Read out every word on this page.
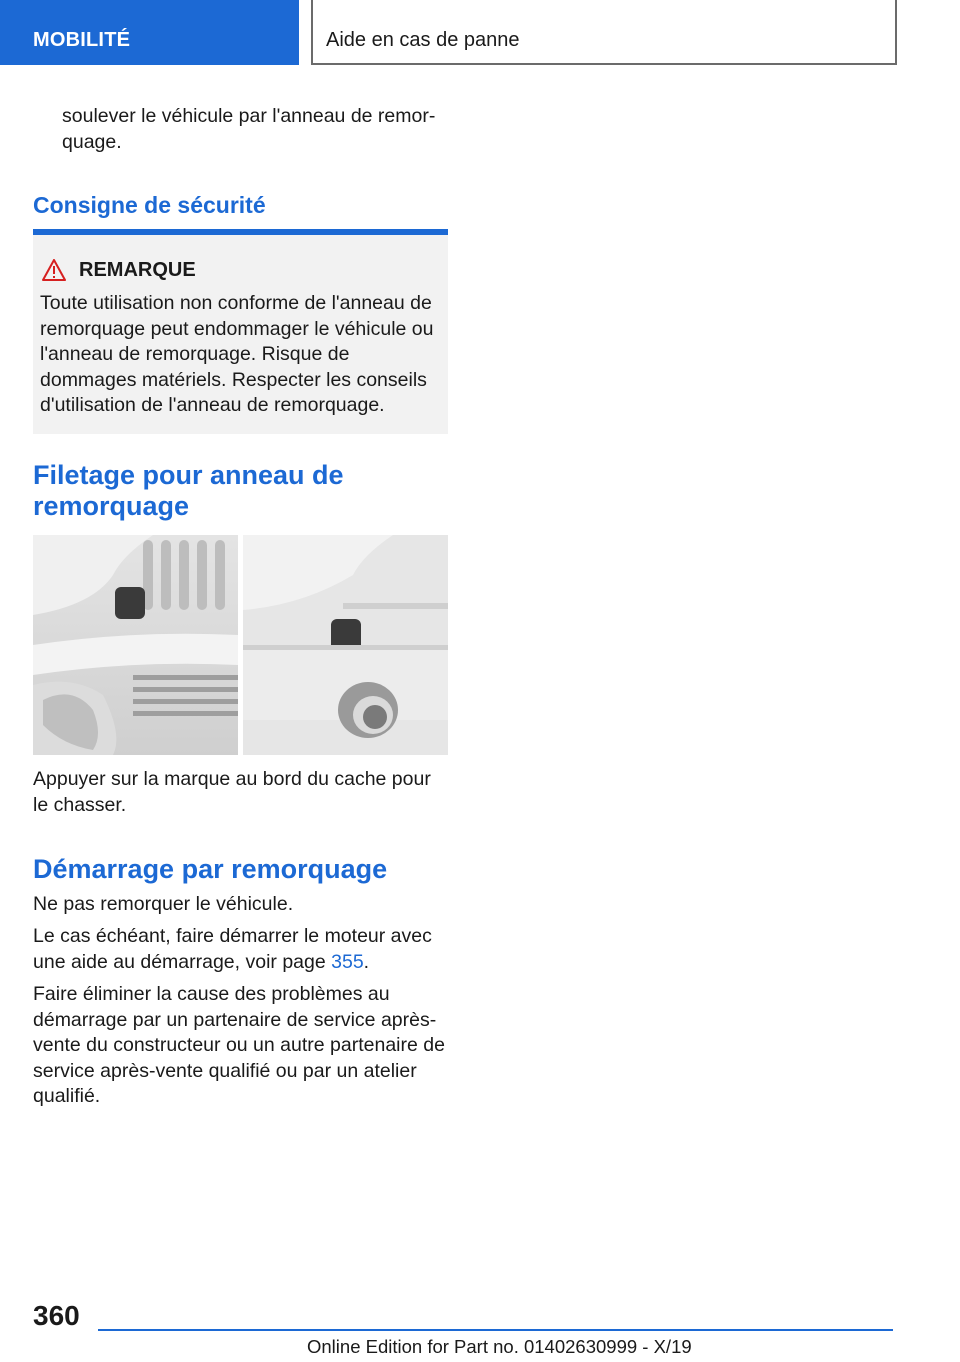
MOBILITÉ	Aide en cas de panne

soulever le véhicule par l'anneau de remor-

quage.

Consigne de sécurité
REMARQUE
Toute utilisation non conforme de l'anneau de remorquage peut endommager le véhicule ou l'anneau de remorquage. Risque de dommages matériels. Respecter les conseils d'utilisation de l'anneau de remorquage.
Filetage pour anneau de remorquage
Appuyer sur la marque au bord du cache pour le chasser.
Démarrage par remorquage
Ne pas remorquer le véhicule.
Le cas échéant, faire démarrer le moteur avec une aide au démarrage, voir page 355.
Faire éliminer la cause des problèmes au démarrage par un partenaire de service après-vente du constructeur ou un autre partenaire de service après-vente qualifié ou par un atelier qualifié.
360
Online Edition for Part no. 01402630999 - X/19
